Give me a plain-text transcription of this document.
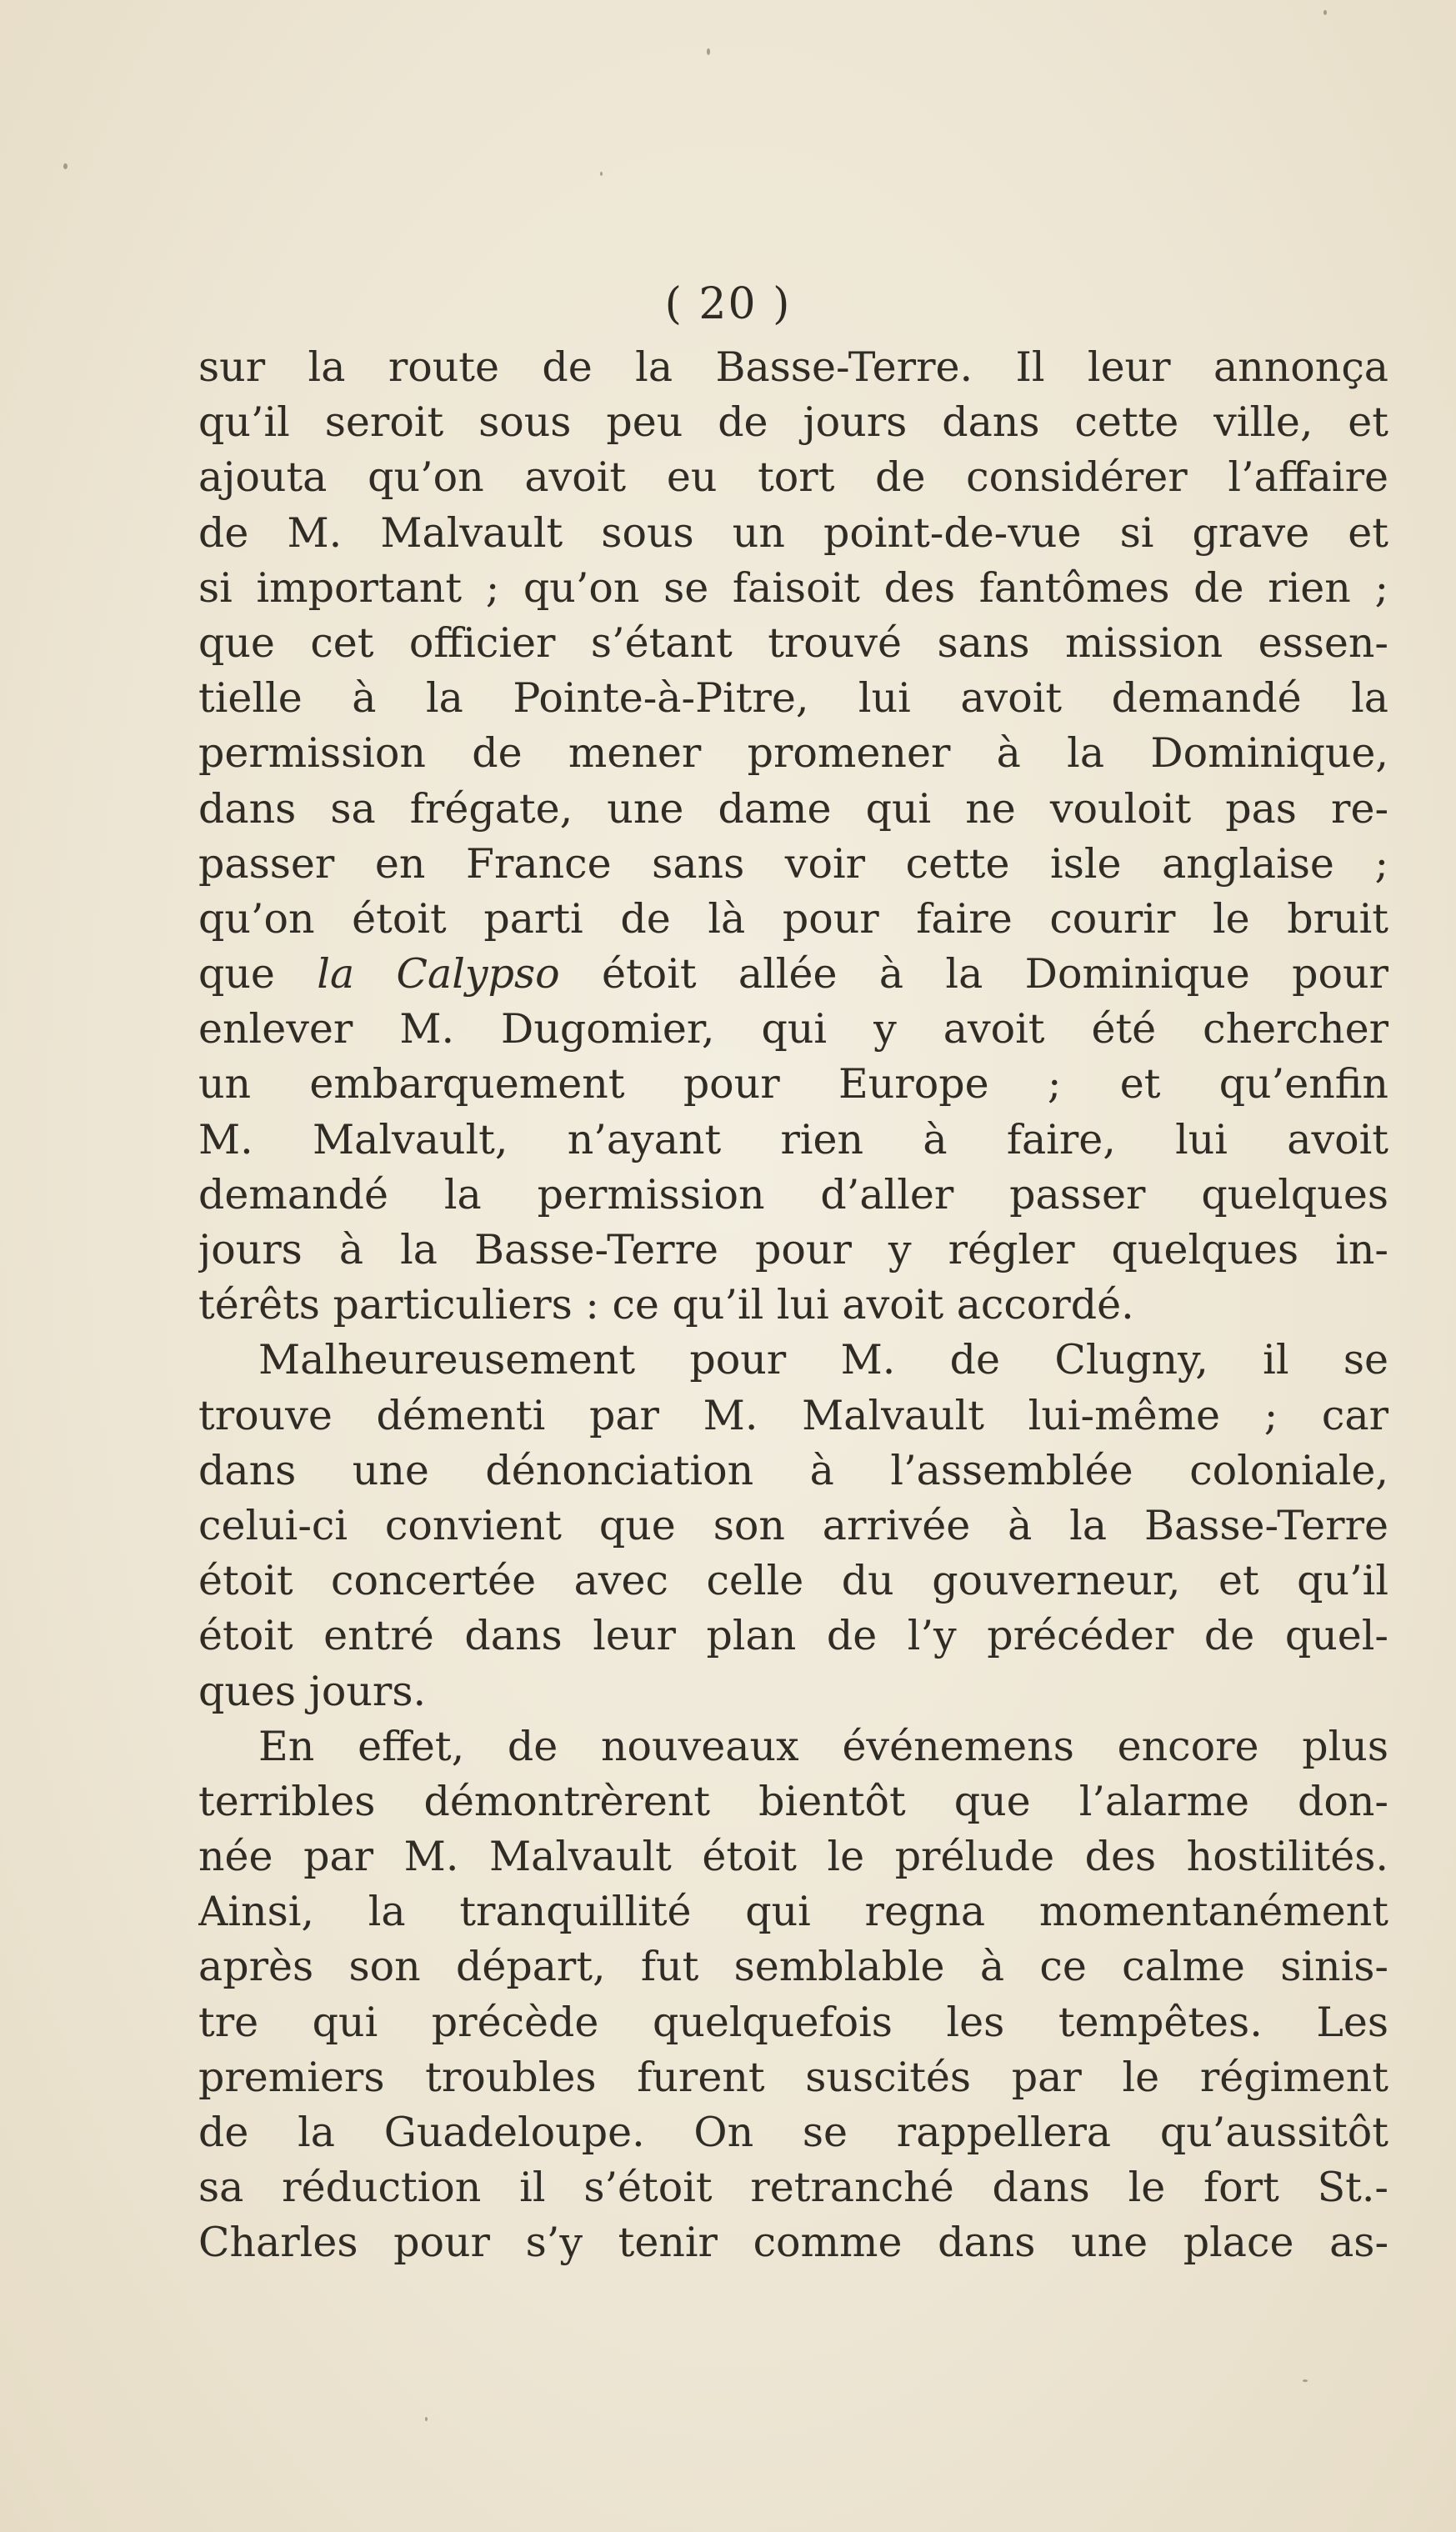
( 20 )
sur la route de la Basse-Terre. Il leur annonça
qu’il seroit sous peu de jours dans cette ville, et
ajouta qu’on avoit eu tort de considérer l’affaire
de M. Malvault sous un point-de-vue si grave et
si important ; qu’on se faisoit des fantômes de rien ;
que cet officier s’étant trouvé sans mission essen-
tielle à la Pointe-à-Pitre, lui avoit demandé la
permission de mener promener à la Dominique,
dans sa frégate, une dame qui ne vouloit pas re-
passer en France sans voir cette isle anglaise ;
qu’on étoit parti de là pour faire courir le bruit
que la Calypso étoit allée à la Dominique pour
enlever M. Dugomier, qui y avoit été chercher
un embarquement pour Europe ; et qu’enfin
M. Malvault, n’ayant rien à faire, lui avoit
demandé la permission d’aller passer quelques
jours à la Basse-Terre pour y régler quelques in-
térêts particuliers : ce qu’il lui avoit accordé.
Malheureusement pour M. de Clugny, il se
trouve démenti par M. Malvault lui-même ; car
dans une dénonciation à l’assemblée coloniale,
celui-ci convient que son arrivée à la Basse-Terre
étoit concertée avec celle du gouverneur, et qu’il
étoit entré dans leur plan de l’y précéder de quel-
ques jours.
En effet, de nouveaux événemens encore plus
terribles démontrèrent bientôt que l’alarme don-
née par M. Malvault étoit le prélude des hostilités.
Ainsi, la tranquillité qui regna momentanément
après son départ, fut semblable à ce calme sinis-
tre qui précède quelquefois les tempêtes. Les
premiers troubles furent suscités par le régiment
de la Guadeloupe. On se rappellera qu’aussitôt
sa réduction il s’étoit retranché dans le fort St.-
Charles pour s’y tenir comme dans une place as-
